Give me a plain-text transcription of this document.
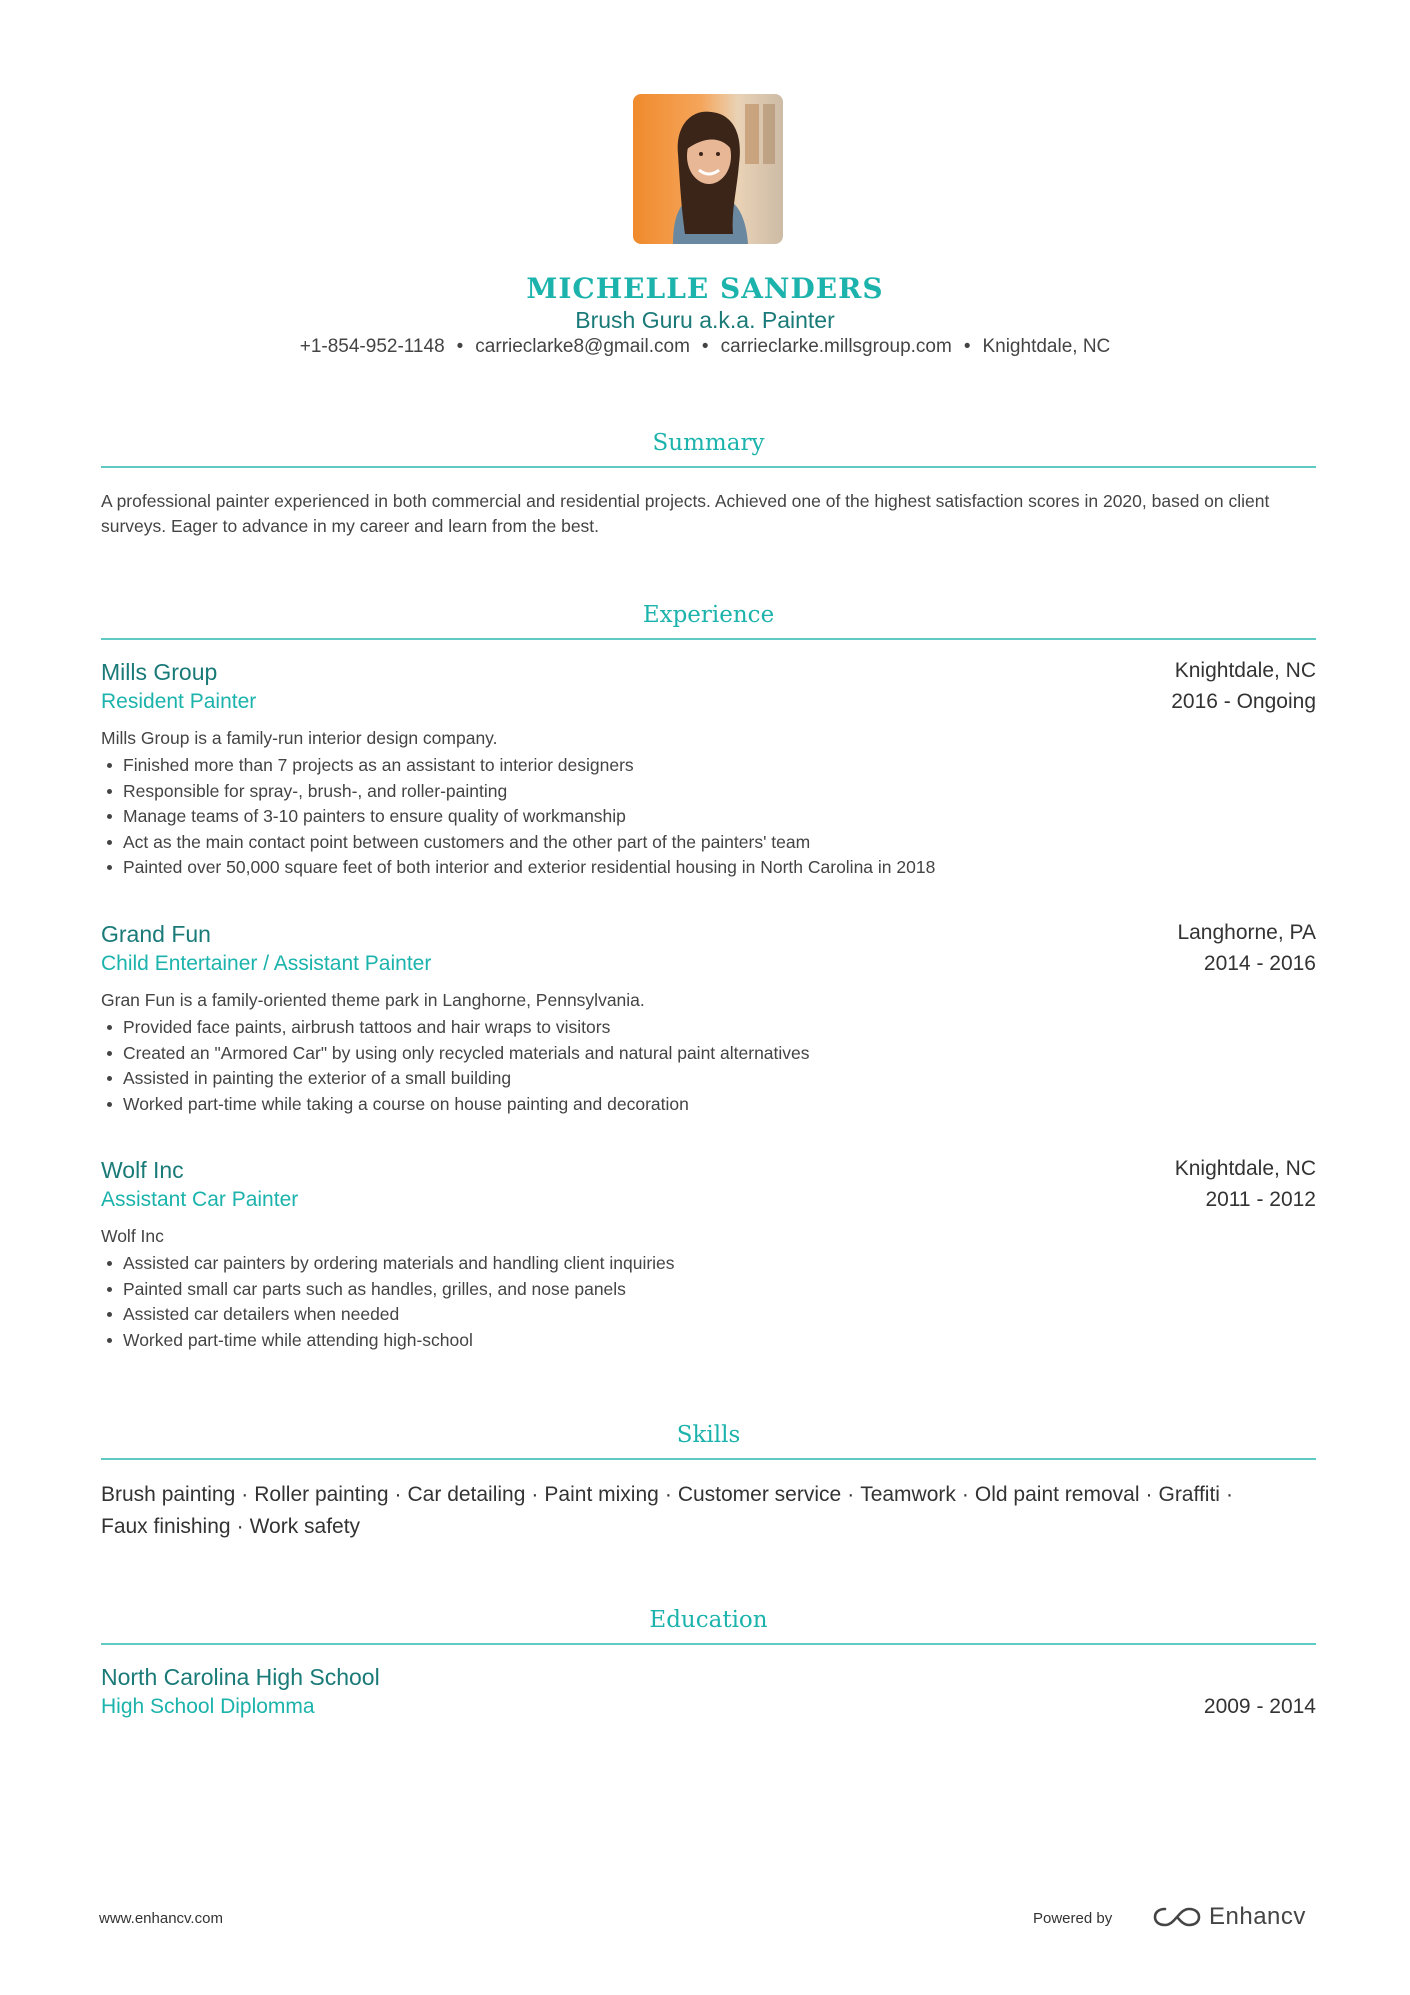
MICHELLE SANDERS
Brush Guru a.k.a. Painter
+1-854-952-1148 • carrieclarke8@gmail.com • carrieclarke.millsgroup.com • Knightdale, NC
Summary
A professional painter experienced in both commercial and residential projects. Achieved one of the highest satisfaction scores in 2020, based on client surveys. Eager to advance in my career and learn from the best.
Experience
Mills Group	Knightdale, NC
Resident Painter	2016 - Ongoing
Mills Group is a family-run interior design company.
Finished more than 7 projects as an assistant to interior designers
Responsible for spray-, brush-, and roller-painting
Manage teams of 3-10 painters to ensure quality of workmanship
Act as the main contact point between customers and the other part of the painters' team
Painted over 50,000 square feet of both interior and exterior residential housing in North Carolina in 2018
Grand Fun	Langhorne, PA
Child Entertainer / Assistant Painter	2014 - 2016
Gran Fun is a family-oriented theme park in Langhorne, Pennsylvania.
Provided face paints, airbrush tattoos and hair wraps to visitors
Created an "Armored Car" by using only recycled materials and natural paint alternatives
Assisted in painting the exterior of a small building
Worked part-time while taking a course on house painting and decoration
Wolf Inc	Knightdale, NC
Assistant Car Painter	2011 - 2012
Wolf Inc
Assisted car painters by ordering materials and handling client inquiries
Painted small car parts such as handles, grilles, and nose panels
Assisted car detailers when needed
Worked part-time while attending high-school
Skills
Brush painting · Roller painting · Car detailing · Paint mixing · Customer service · Teamwork · Old paint removal · Graffiti ·
Faux finishing · Work safety
Education
North Carolina High School
High School Diplomma	2009 - 2014
www.enhancv.com	Powered by	Enhancv
